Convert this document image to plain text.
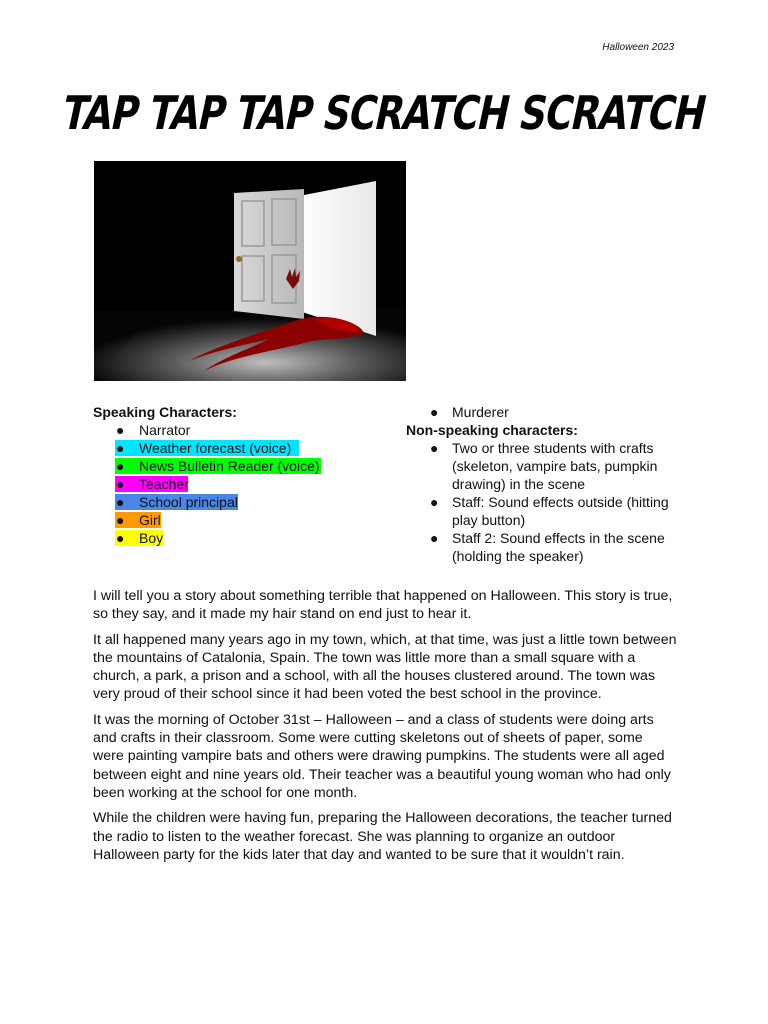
Halloween 2023
TAP TAP TAP SCRATCH SCRATCH
Speaking Characters:
● Narrator
● Weather forecast (voice)
● News Bulletin Reader (voice)
● Teacher
● School principal
● Girl
● Boy
● Murderer
Non-speaking characters:
● Two or three students with crafts (skeleton, vampire bats, pumpkin drawing) in the scene
● Staff: Sound effects outside (hitting play button)
● Staff 2: Sound effects in the scene (holding the speaker)

I will tell you a story about something terrible that happened on Halloween. This story is true, so they say, and it made my hair stand on end just to hear it.

It all happened many years ago in my town, which, at that time, was just a little town between the mountains of Catalonia, Spain. The town was little more than a small square with a church, a park, a prison and a school, with all the houses clustered around. The town was very proud of their school since it had been voted the best school in the province.

It was the morning of October 31st – Halloween – and a class of students were doing arts and crafts in their classroom. Some were cutting skeletons out of sheets of paper, some were painting vampire bats and others were drawing pumpkins. The students were all aged between eight and nine years old. Their teacher was a beautiful young woman who had only been working at the school for one month.

While the children were having fun, preparing the Halloween decorations, the teacher turned the radio to listen to the weather forecast. She was planning to organize an outdoor Halloween party for the kids later that day and wanted to be sure that it wouldn’t rain.
